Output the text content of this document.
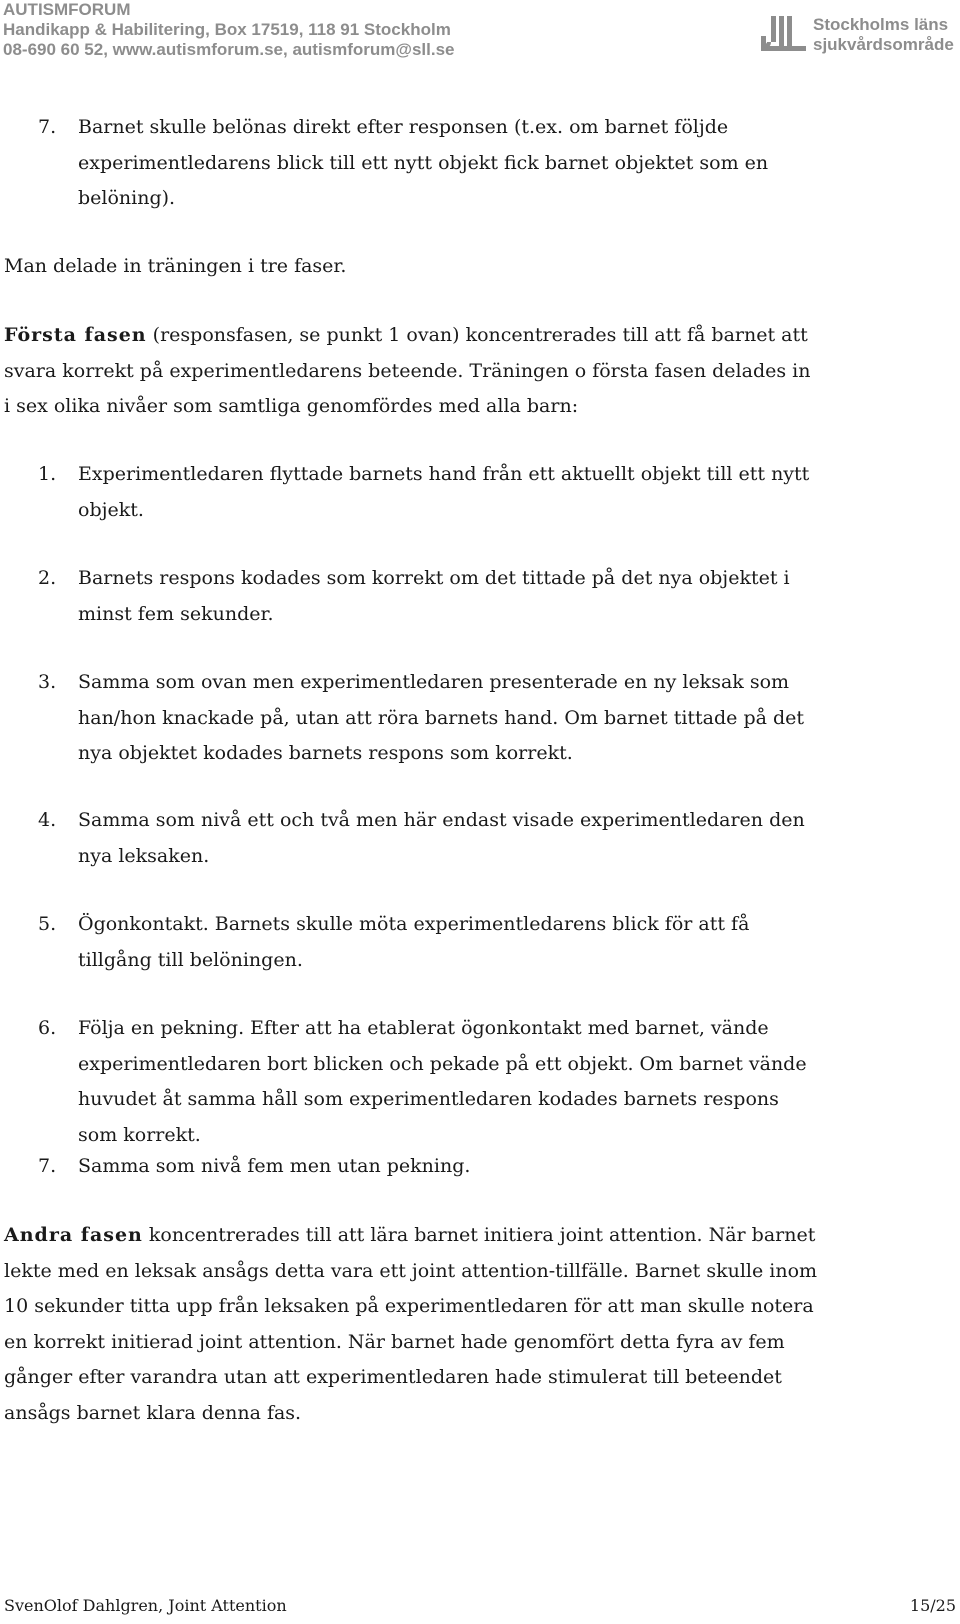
AUTISMFORUM
Handikapp & Habilitering, Box 17519, 118 91 Stockholm
08-690 60 52, www.autismforum.se, autismforum@sll.se
Stockholms läns
sjukvårdsområde
7. Barnet skulle belönas direkt efter responsen (t.ex. om barnet följde
experimentledarens blick till ett nytt objekt fick barnet objektet som en
belöning).
Man delade in träningen i tre faser.
Första fasen (responsfasen, se punkt 1 ovan) koncentrerades till att få barnet att
svara korrekt på experimentledarens beteende. Träningen o första fasen delades in
i sex olika nivåer som samtliga genomfördes med alla barn:
1. Experimentledaren flyttade barnets hand från ett aktuellt objekt till ett nytt
objekt.
2. Barnets respons kodades som korrekt om det tittade på det nya objektet i
minst fem sekunder.
3. Samma som ovan men experimentledaren presenterade en ny leksak som
han/hon knackade på, utan att röra barnets hand. Om barnet tittade på det
nya objektet kodades barnets respons som korrekt.
4. Samma som nivå ett och två men här endast visade experimentledaren den
nya leksaken.
5. Ögonkontakt. Barnets skulle möta experimentledarens blick för att få
tillgång till belöningen.
6. Följa en pekning. Efter att ha etablerat ögonkontakt med barnet, vände
experimentledaren bort blicken och pekade på ett objekt. Om barnet vände
huvudet åt samma håll som experimentledaren kodades barnets respons
som korrekt.
7. Samma som nivå fem men utan pekning.
Andra fasen koncentrerades till att lära barnet initiera joint attention. När barnet
lekte med en leksak ansågs detta vara ett joint attention-tillfälle. Barnet skulle inom
10 sekunder titta upp från leksaken på experimentledaren för att man skulle notera
en korrekt initierad joint attention. När barnet hade genomfört detta fyra av fem
gånger efter varandra utan att experimentledaren hade stimulerat till beteendet
ansågs barnet klara denna fas.
SvenOlof Dahlgren, Joint Attention	15/25
